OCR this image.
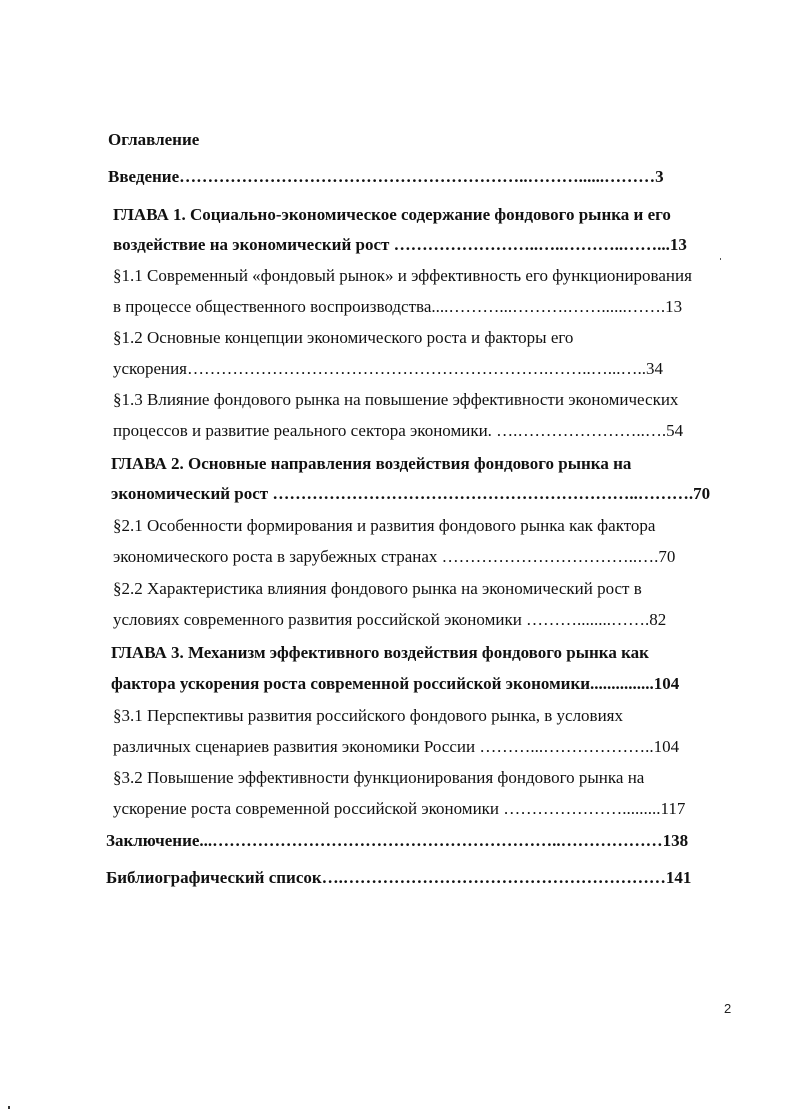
Оглавление
Введение……………………………………………………..………......………3
ГЛАВА 1. Социально-экономическое содержание фондового рынка и его
воздействие на экономический рост ……………………..…..………..……...13
§1.1 Современный «фондовый рынок» и эффективность его функционирования
в процессе общественного воспроизводства....………...……….……......…….13
§1.2 Основные концепции экономического роста и факторы его
ускорения……………………………………………………….……..…...…..34
§1.3 Влияние фондового рынка на повышение эффективности экономических
процессов и развитие реального сектора экономики. ….…………………..….54
ГЛАВА 2. Основные направления воздействия фондового рынка на
экономический рост ………………………………………………………..……….70
§2.1 Особенности формирования и развития фондового рынка как фактора
экономического роста в зарубежных странах ……………………………..….70
§2.2 Характеристика влияния фондового рынка на экономический рост в
условиях современного развития российской экономики ………........…….82
ГЛАВА 3. Механизм эффективного воздействия фондового рынка как
фактора ускорения роста современной российской экономики...............104
§3.1 Перспективы развития российского фондового рынка, в условиях
различных сценариев развития экономики России ………...………………..104
§3.2 Повышение эффективности функционирования фондового рынка на
ускорение роста современной российской экономики ………………….........117
Заключение...……………………………………………………..………………138
Библиографический список….…………………………………………………141
2
